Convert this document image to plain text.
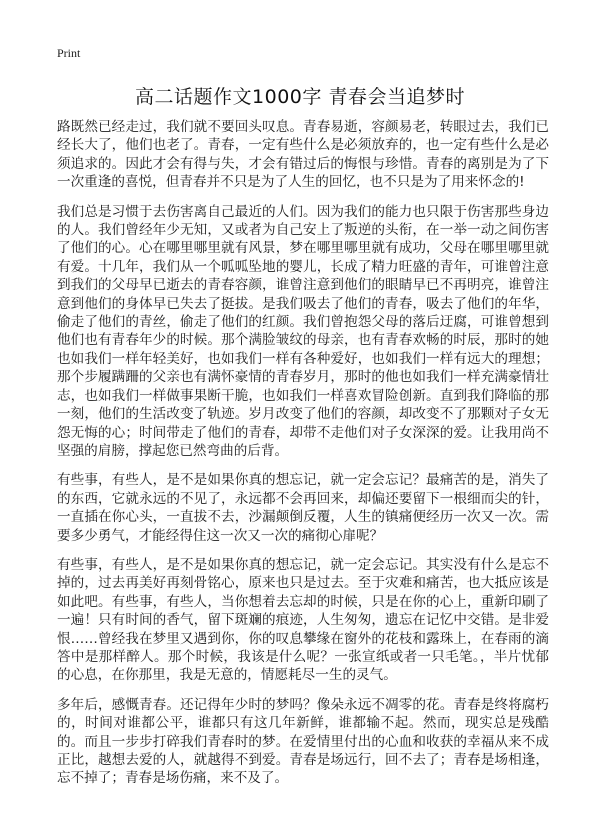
Print
高二话题作文1000字 青春会当追梦时

路既然已经走过，我们就不要回头叹息。青春易逝，容颜易老，转眼过去，我们已经长大了，他们也老了。青春，一定有些什么是必须放弃的，也一定有些什么是必须追求的。因此才会有得与失，才会有错过后的悔恨与珍惜。青春的离别是为了下一次重逢的喜悦，但青春并不只是为了人生的回忆，也不只是为了用来怀念的!

我们总是习惯于去伤害离自己最近的人们。因为我们的能力也只限于伤害那些身边的人。我们曾经年少无知，又或者为自己安上了叛逆的头衔，在一举一动之间伤害了他们的心。心在哪里哪里就有风景，梦在哪里哪里就有成功，父母在哪里哪里就有爱。十几年，我们从一个呱呱坠地的婴儿，长成了精力旺盛的青年，可谁曾注意到我们的父母早已逝去的青春容颜，谁曾注意到他们的眼睛早已不再明亮，谁曾注意到他们的身体早已失去了挺拔。是我们吸去了他们的青春，吸去了他们的年华，偷走了他们的青丝，偷走了他们的红颜。我们曾抱怨父母的落后迂腐，可谁曾想到他们也有青春年少的时候。那个满脸皱纹的母亲，也有青春欢畅的时辰，那时的她也如我们一样年轻美好，也如我们一样有各种爱好，也如我们一样有远大的理想；那个步履蹒跚的父亲也有满怀豪情的青春岁月，那时的他也如我们一样充满豪情壮志，也如我们一样做事果断干脆，也如我们一样喜欢冒险创新。直到我们降临的那一刻，他们的生活改变了轨迹。岁月改变了他们的容颜，却改变不了那颗对子女无怨无悔的心；时间带走了他们的青春，却带不走他们对子女深深的爱。让我用尚不坚强的肩膀，撑起您已然弯曲的后背。

有些事，有些人，是不是如果你真的想忘记，就一定会忘记？最痛苦的是，消失了的东西，它就永远的不见了，永远都不会再回来，却偏还要留下一根细而尖的针，一直插在你心头，一直拔不去，沙漏颠倒反覆，人生的镇痛便经历一次又一次。需要多少勇气，才能经得住这一次又一次的痛彻心扉呢？

有些事，有些人，是不是如果你真的想忘记，就一定会忘记。其实没有什么是忘不掉的，过去再美好再刻骨铭心，原来也只是过去。至于灾难和痛苦，也大抵应该是如此吧。有些事，有些人，当你想着去忘却的时候，只是在你的心上，重新印刷了一遍！只有时间的香气，留下斑斓的痕迹，人生匆匆，遗忘在记忆中交错。是非爱恨……曾经我在梦里又遇到你，你的叹息攀缘在窗外的花枝和露珠上，在春雨的滴答中是那样醉人。那个时候，我该是什么呢？一张宣纸或者一只毛笔。，半片忧郁的心息，在你那里，我是无意的，情愿耗尽一生的灵气。

多年后，感慨青春。还记得年少时的梦吗？像朵永远不凋零的花。青春是终将腐朽的，时间对谁都公平，谁都只有这几年新鲜，谁都输不起。然而，现实总是残酷的。而且一步步打碎我们青春时的梦。在爱情里付出的心血和收获的幸福从来不成正比，越想去爱的人，就越得不到爱。青春是场远行，回不去了；青春是场相逢，忘不掉了；青春是场伤痛，来不及了。
